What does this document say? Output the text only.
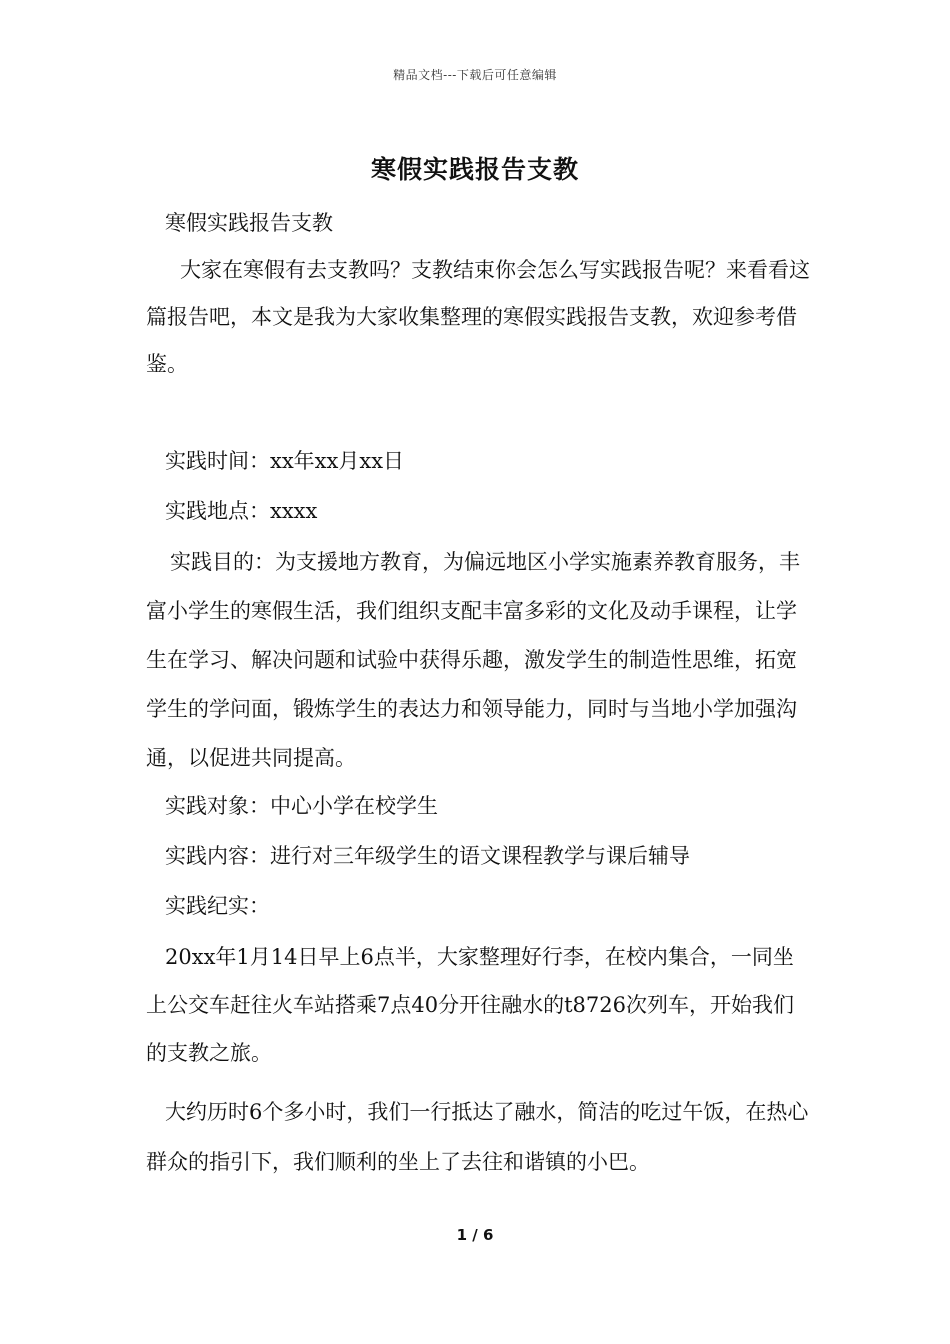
精品文档---下载后可任意编辑
寒假实践报告支教

寒假实践报告支教

大家在寒假有去支教吗？支教结束你会怎么写实践报告呢？来看看这篇报告吧，本文是我为大家收集整理的寒假实践报告支教，欢迎参考借鉴。

实践时间：xx年xx月xx日

实践地点：xxxx

实践目的：为支援地方教育，为偏远地区小学实施素养教育服务，丰富小学生的寒假生活，我们组织支配丰富多彩的文化及动手课程，让学生在学习、解决问题和试验中获得乐趣，激发学生的制造性思维，拓宽学生的学问面，锻炼学生的表达力和领导能力，同时与当地小学加强沟通，以促进共同提高。

实践对象：中心小学在校学生

实践内容：进行对三年级学生的语文课程教学与课后辅导

实践纪实：

20xx年1月14日早上6点半，大家整理好行李，在校内集合，一同坐上公交车赶往火车站搭乘7点40分开往融水的t8726次列车，开始我们的支教之旅。

大约历时6个多小时，我们一行抵达了融水，简洁的吃过午饭，在热心群众的指引下，我们顺利的坐上了去往和谐镇的小巴。

1 / 6
